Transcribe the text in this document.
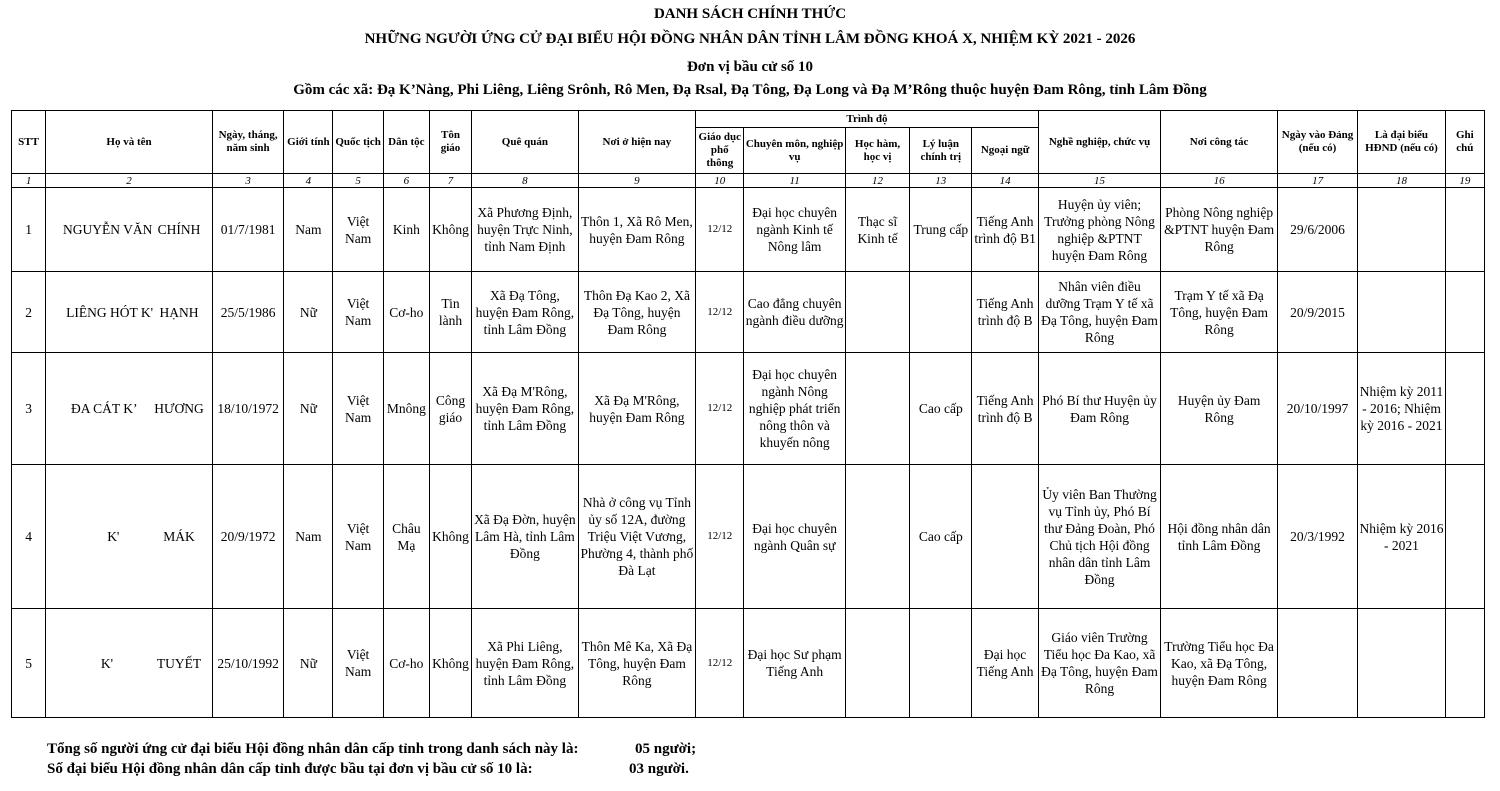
DANH SÁCH CHÍNH THỨC
NHỮNG NGƯỜI ỨNG CỬ ĐẠI BIỂU HỘI ĐỒNG NHÂN DÂN TỈNH LÂM ĐỒNG KHOÁ X, NHIỆM KỲ 2021 - 2026
Đơn vị bầu cử số 10
Gồm các xã: Đạ K’Nàng, Phi Liêng, Liêng Srônh, Rô Men, Đạ Rsal, Đạ Tông, Đạ Long và Đạ M’Rông thuộc huyện Đam Rông, tỉnh Lâm Đồng
STT	Họ và tên	Ngày, tháng, năm sinh	Giới tính	Quốc tịch	Dân tộc	Tôn giáo	Quê quán	Nơi ở hiện nay	Trình độ					Nghề nghiệp, chức vụ	Nơi công tác	Ngày vào Đảng (nếu có)	Là đại biểu HĐND (nếu có)	Ghi chú
									Giáo dục phổ thông	Chuyên môn, nghiệp vụ	Học hàm, học vị	Lý luận chính trị	Ngoại ngữ					
1	2	3	4	5	6	7	8	9	10	11	12	13	14	15	16	17	18	19
1	NGUYỄN VĂN CHÍNH	01/7/1981	Nam	Việt Nam	Kinh	Không	Xã Phương Định, huyện Trực Ninh, tỉnh Nam Định	Thôn 1, Xã Rô Men, huyện Đam Rông	12/12	Đại học chuyên ngành Kinh tế Nông lâm	Thạc sĩ Kinh tế	Trung cấp	Tiếng Anh trình độ B1	Huyện ủy viên; Trưởng phòng Nông nghiệp &PTNT huyện Đam Rông	Phòng Nông nghiệp &PTNT huyện Đam Rông	29/6/2006		
2	LIÊNG HÓT K' HẠNH	25/5/1986	Nữ	Việt Nam	Cơ-ho	Tin lành	Xã Đạ Tông, huyện Đam Rông, tỉnh Lâm Đồng	Thôn Đạ Kao 2, Xã Đạ Tông, huyện Đam Rông	12/12	Cao đẳng chuyên ngành điều dưỡng			Tiếng Anh trình độ B	Nhân viên điều dưỡng Trạm Y tế xã Đạ Tông, huyện Đam Rông	Trạm Y tế xã Đạ Tông, huyện Đam Rông	20/9/2015		
3	ĐA CÁT K’ HƯƠNG	18/10/1972	Nữ	Việt Nam	Mnông	Công giáo	Xã Đạ M'Rông, huyện Đam Rông, tỉnh Lâm Đồng	Xã Đạ M'Rông, huyện Đam Rông	12/12	Đại học chuyên ngành Nông nghiệp phát triển nông thôn và khuyến nông		Cao cấp	Tiếng Anh trình độ B	Phó Bí thư Huyện ủy Đam Rông	Huyện ủy Đam Rông	20/10/1997	Nhiệm kỳ 2011 - 2016; Nhiệm kỳ 2016 - 2021	
4	K' MÁK	20/9/1972	Nam	Việt Nam	Châu Mạ	Không	Xã Đạ Đờn, huyện Lâm Hà, tỉnh Lâm Đồng	Nhà ở công vụ Tỉnh ủy số 12A, đường Triệu Việt Vương, Phường 4, thành phố Đà Lạt	12/12	Đại học chuyên ngành Quân sự		Cao cấp		Ủy viên Ban Thường vụ Tỉnh ủy, Phó Bí thư Đảng Đoàn, Phó Chủ tịch Hội đồng nhân dân tỉnh Lâm Đồng	Hội đồng nhân dân tỉnh Lâm Đồng	20/3/1992	Nhiệm kỳ 2016 - 2021	
5	K' TUYẾT	25/10/1992	Nữ	Việt Nam	Cơ-ho	Không	Xã Phi Liêng, huyện Đam Rông, tỉnh Lâm Đồng	Thôn Mê Ka, Xã Đạ Tông, huyện Đam Rông	12/12	Đại học Sư phạm Tiếng Anh			Đại học Tiếng Anh	Giáo viên Trường Tiểu học Đa Kao, xã Đạ Tông, huyện Đam Rông	Trường Tiểu học Đa Kao, xã Đạ Tông, huyện Đam Rông			
Tổng số người ứng cử đại biểu Hội đồng nhân dân cấp tỉnh trong danh sách này là:	05 người;
Số đại biểu Hội đồng nhân dân cấp tỉnh được bầu tại đơn vị bầu cử số 10 là:	03 người.
